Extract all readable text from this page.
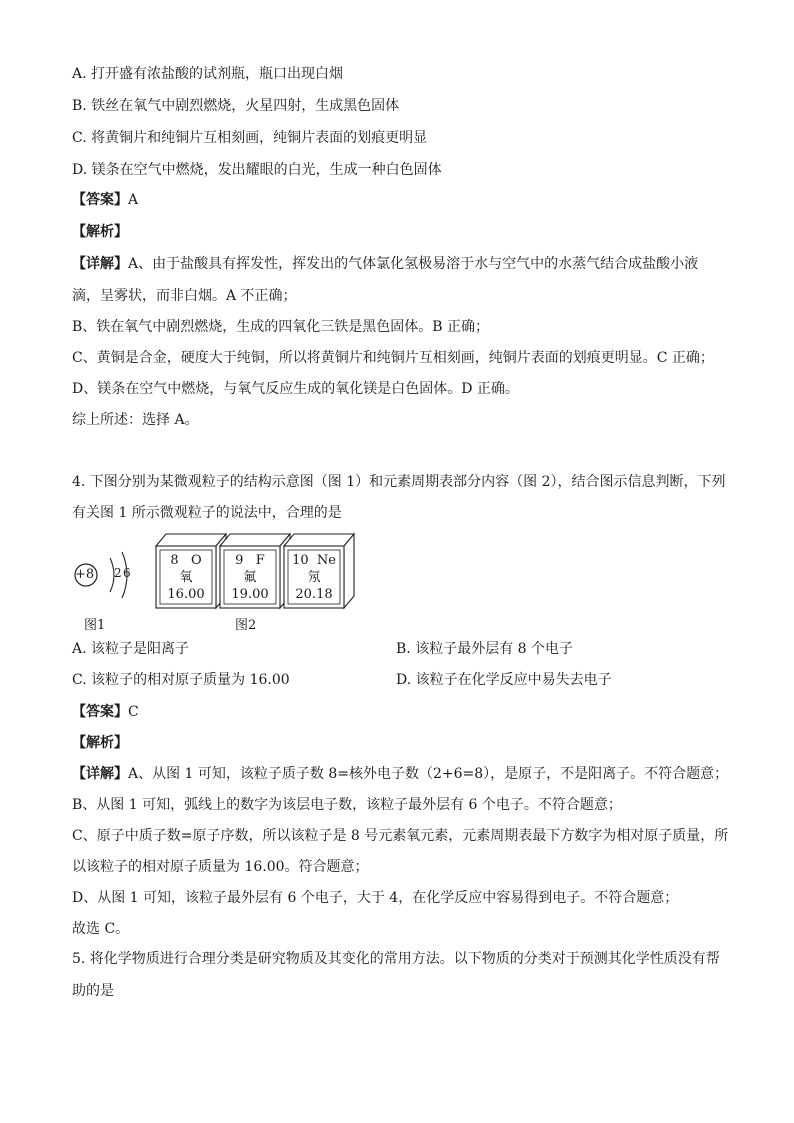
A. 打开盛有浓盐酸的试剂瓶，瓶口出现白烟
B. 铁丝在氧气中剧烈燃烧，火星四射，生成黑色固体
C. 将黄铜片和纯铜片互相刻画，纯铜片表面的划痕更明显
D. 镁条在空气中燃烧，发出耀眼的白光，生成一种白色固体
【答案】A
【解析】
【详解】A、由于盐酸具有挥发性，挥发出的气体氯化氢极易溶于水与空气中的水蒸气结合成盐酸小液
滴，呈雾状，而非白烟。A 不正确；
B、铁在氧气中剧烈燃烧，生成的四氧化三铁是黑色固体。B 正确；
C、黄铜是合金，硬度大于纯铜，所以将黄铜片和纯铜片互相刻画，纯铜片表面的划痕更明显。C 正确；
D、镁条在空气中燃烧，与氧气反应生成的氧化镁是白色固体。D 正确。
综上所述：选择 A。
4. 下图分别为某微观粒子的结构示意图（图 1）和元素周期表部分内容（图 2），结合图示信息判断，下列
有关图 1 所示微观粒子的说法中，合理的是
+8 2 6
8   O
氧
16.00
9   F
氟
19.00
10  Ne
氖
20.18
图1	图2
A. 该粒子是阳离子	B. 该粒子最外层有 8 个电子
C. 该粒子的相对原子质量为 16.00	D. 该粒子在化学反应中易失去电子
【答案】C
【解析】
【详解】A、从图 1 可知，该粒子质子数 8=核外电子数（2+6=8），是原子，不是阳离子。不符合题意；
B、从图 1 可知，弧线上的数字为该层电子数，该粒子最外层有 6 个电子。不符合题意；
C、原子中质子数=原子序数，所以该粒子是 8 号元素氧元素，元素周期表最下方数字为相对原子质量，所
以该粒子的相对原子质量为 16.00。符合题意；
D、从图 1 可知，该粒子最外层有 6 个电子，大于 4，在化学反应中容易得到电子。不符合题意；
故选 C。
5. 将化学物质进行合理分类是研究物质及其变化的常用方法。以下物质的分类对于预测其化学性质没有帮
助的是
